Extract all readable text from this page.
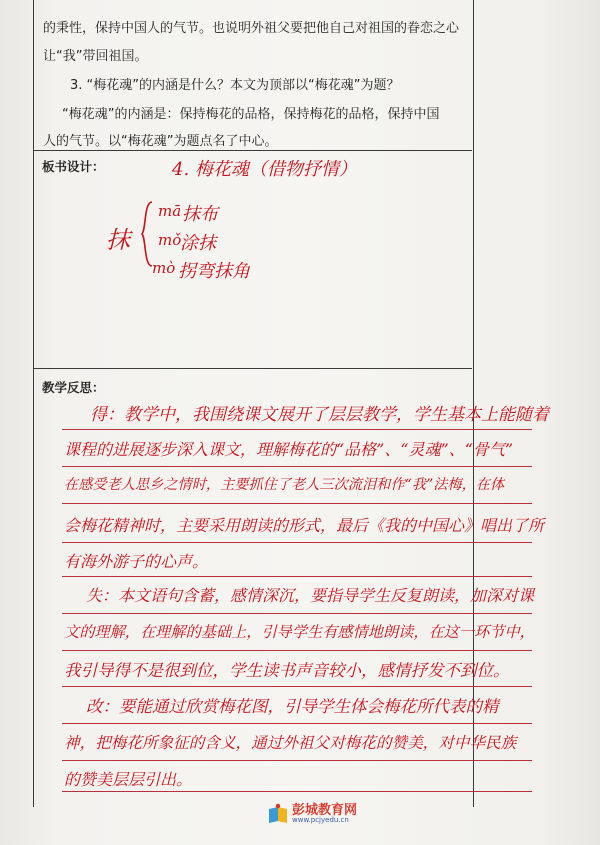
的秉性，保持中国人的气节。也说明外祖父要把他自己对祖国的眷恋之心
让“我”带回祖国。
3. “梅花魂”的内涵是什么？本文为顶部以“梅花魂”为题？
“梅花魂”的内涵是：保持梅花的品格，保持梅花的品格，保持中国
人的气节。以“梅花魂”为题点名了中心。
板书设计：	4. 梅花魂（借物抒情）
抹
mā 抹布
mǒ
涂抹
mò 拐弯抹角
教学反思：
得：教学中，我围绕课文展开了层层教学，学生基本上能随着
课程的进展逐步深入课文，理解梅花的“品格”、“灵魂”、“骨气”
在感受老人思乡之情时，主要抓住了老人三次流泪和作“我”法梅，在体
会梅花精神时，主要采用朗读的形式，最后《我的中国心》唱出了所
有海外游子的心声。
失：本文语句含蓄，感情深沉，要指导学生反复朗读，加深对课
文的理解，在理解的基础上，引导学生有感情地朗读，在这一环节中，
我引导得不是很到位，学生读书声音较小，感情抒发不到位。
改：要能通过欣赏梅花图，引导学生体会梅花所代表的精
神，把梅花所象征的含义，通过外祖父对梅花的赞美，对中华民族
的赞美层层引出。
彭城教育网
www.pcjyedu.cn
